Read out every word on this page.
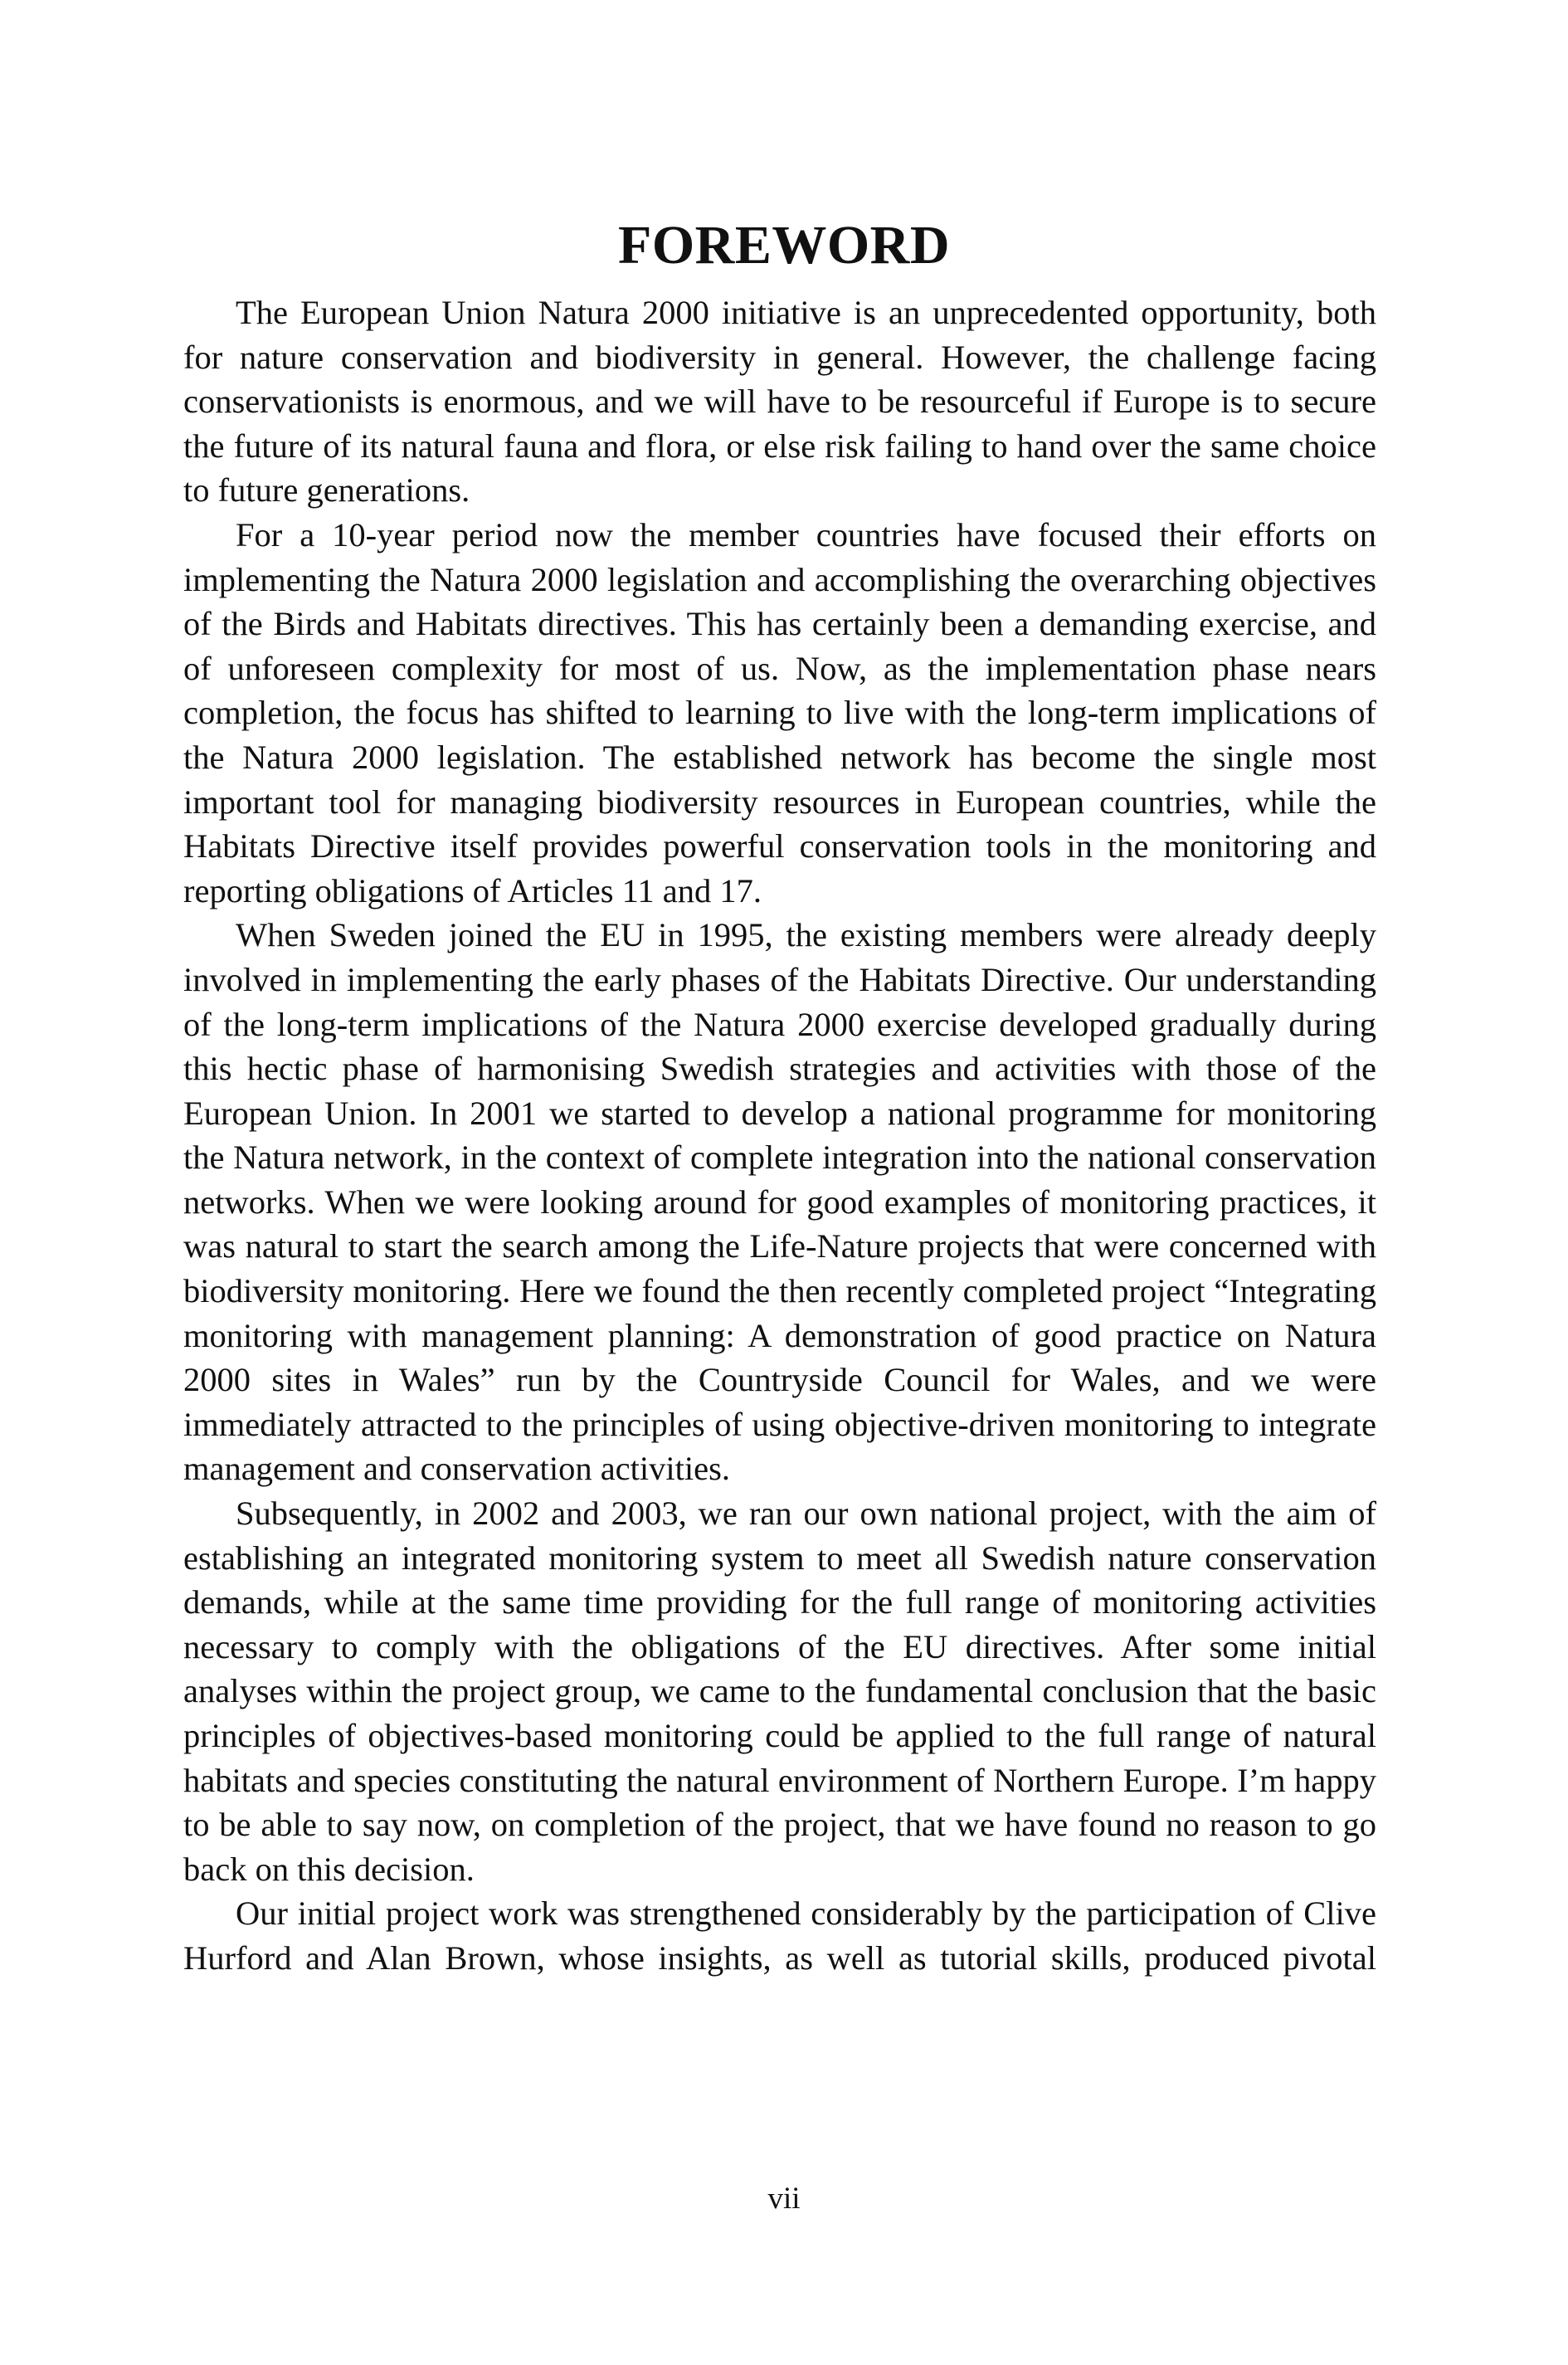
FOREWORD

The European Union Natura 2000 initiative is an unprecedented opportunity, both for nature conservation and biodiversity in general. However, the challenge facing conservationists is enormous, and we will have to be resourceful if Europe is to secure the future of its natural fauna and flora, or else risk failing to hand over the same choice to future generations.

For a 10-year period now the member countries have focused their efforts on implementing the Natura 2000 legislation and accomplishing the overarching objectives of the Birds and Habitats directives. This has certainly been a demanding exercise, and of unforeseen complexity for most of us. Now, as the implementation phase nears completion, the focus has shifted to learning to live with the long-term implications of the Natura 2000 legislation. The established network has become the single most important tool for managing biodiversity resources in European countries, while the Habitats Directive itself provides powerful conservation tools in the monitoring and reporting obligations of Articles 11 and 17.

When Sweden joined the EU in 1995, the existing members were already deeply involved in implementing the early phases of the Habitats Directive. Our understanding of the long-term implications of the Natura 2000 exercise developed gradually during this hectic phase of harmonising Swedish strategies and activities with those of the European Union. In 2001 we started to develop a national programme for monitoring the Natura network, in the context of complete integration into the national conservation networks. When we were looking around for good examples of monitoring practices, it was natural to start the search among the Life-Nature projects that were concerned with biodiversity monitoring. Here we found the then recently completed project “Integrating monitoring with management planning: A demonstration of good practice on Natura 2000 sites in Wales” run by the Countryside Council for Wales, and we were immediately attracted to the principles of using objective-driven monitoring to integrate management and conservation activities.

Subsequently, in 2002 and 2003, we ran our own national project, with the aim of establishing an integrated monitoring system to meet all Swedish nature conservation demands, while at the same time providing for the full range of monitoring activities necessary to comply with the obligations of the EU directives. After some initial analyses within the project group, we came to the fundamental conclusion that the basic principles of objectives-based monitoring could be applied to the full range of natural habitats and species constituting the natural environment of Northern Europe. I’m happy to be able to say now, on completion of the project, that we have found no reason to go back on this decision.

Our initial project work was strengthened considerably by the participation of Clive Hurford and Alan Brown, whose insights, as well as tutorial skills, produced pivotal

vii
